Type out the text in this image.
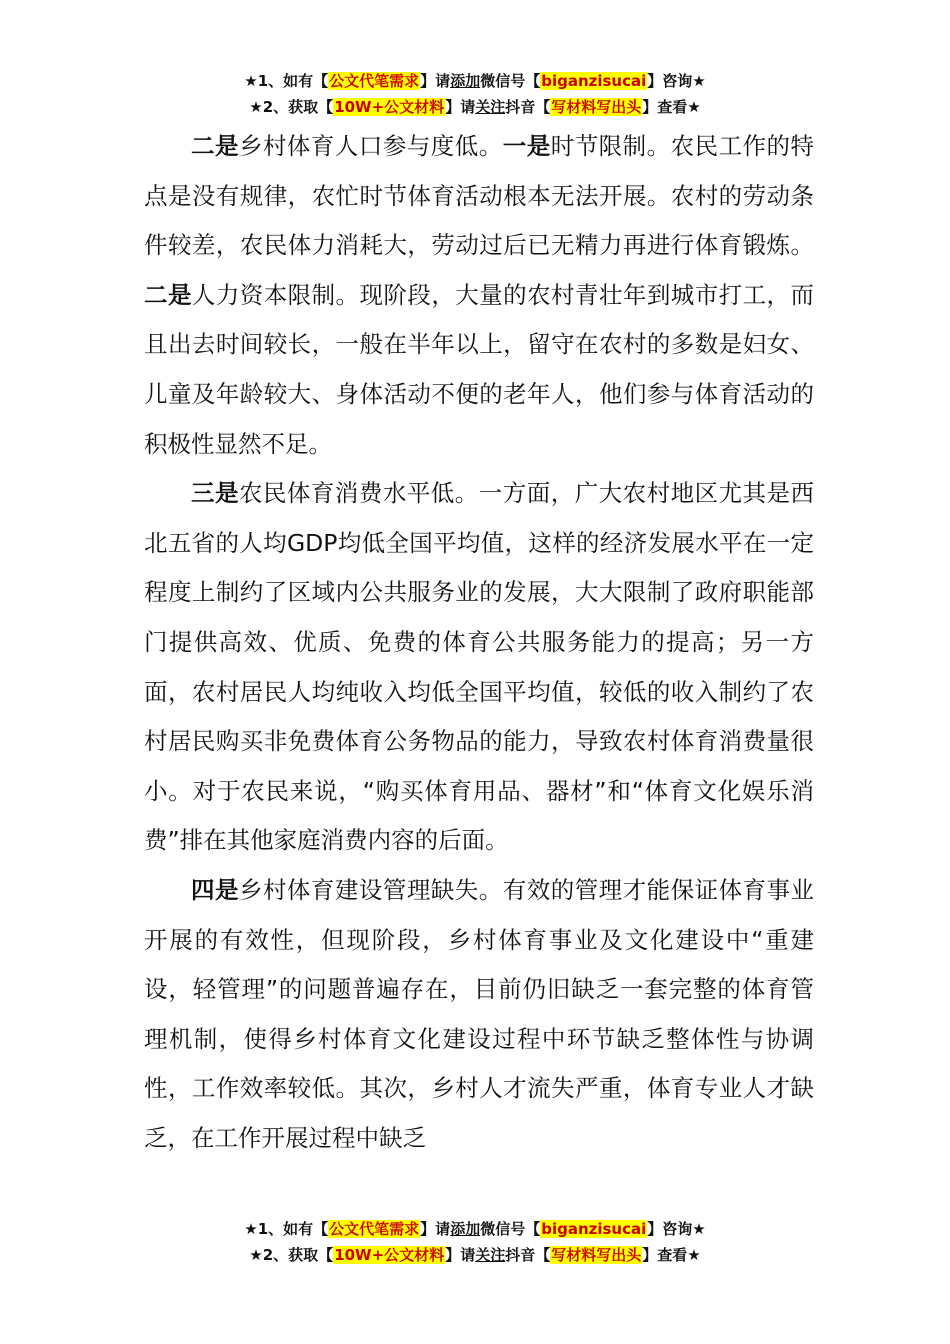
★1、如有【公文代笔需求】请添加微信号【biganzisucai】咨询★
★2、获取【10W+公文材料】请关注抖音【写材料写出头】查看★

二是乡村体育人口参与度低。一是时节限制。农民工作的特点是没有规律，农忙时节体育活动根本无法开展。农村的劳动条件较差，农民体力消耗大，劳动过后已无精力再进行体育锻炼。二是人力资本限制。现阶段，大量的农村青壮年到城市打工，而且出去时间较长，一般在半年以上，留守在农村的多数是妇女、儿童及年龄较大、身体活动不便的老年人，他们参与体育活动的积极性显然不足。

三是农民体育消费水平低。一方面，广大农村地区尤其是西北五省的人均GDP均低全国平均值，这样的经济发展水平在一定程度上制约了区域内公共服务业的发展，大大限制了政府职能部门提供高效、优质、免费的体育公共服务能力的提高；另一方面，农村居民人均纯收入均低全国平均值，较低的收入制约了农村居民购买非免费体育公务物品的能力，导致农村体育消费量很小。对于农民来说，“购买体育用品、器材”和“体育文化娱乐消费”排在其他家庭消费内容的后面。

四是乡村体育建设管理缺失。有效的管理才能保证体育事业开展的有效性，但现阶段，乡村体育事业及文化建设中“重建设，轻管理”的问题普遍存在，目前仍旧缺乏一套完整的体育管理机制，使得乡村体育文化建设过程中环节缺乏整体性与协调性，工作效率较低。其次，乡村人才流失严重，体育专业人才缺乏，在工作开展过程中缺乏

★1、如有【公文代笔需求】请添加微信号【biganzisucai】咨询★
★2、获取【10W+公文材料】请关注抖音【写材料写出头】查看★
